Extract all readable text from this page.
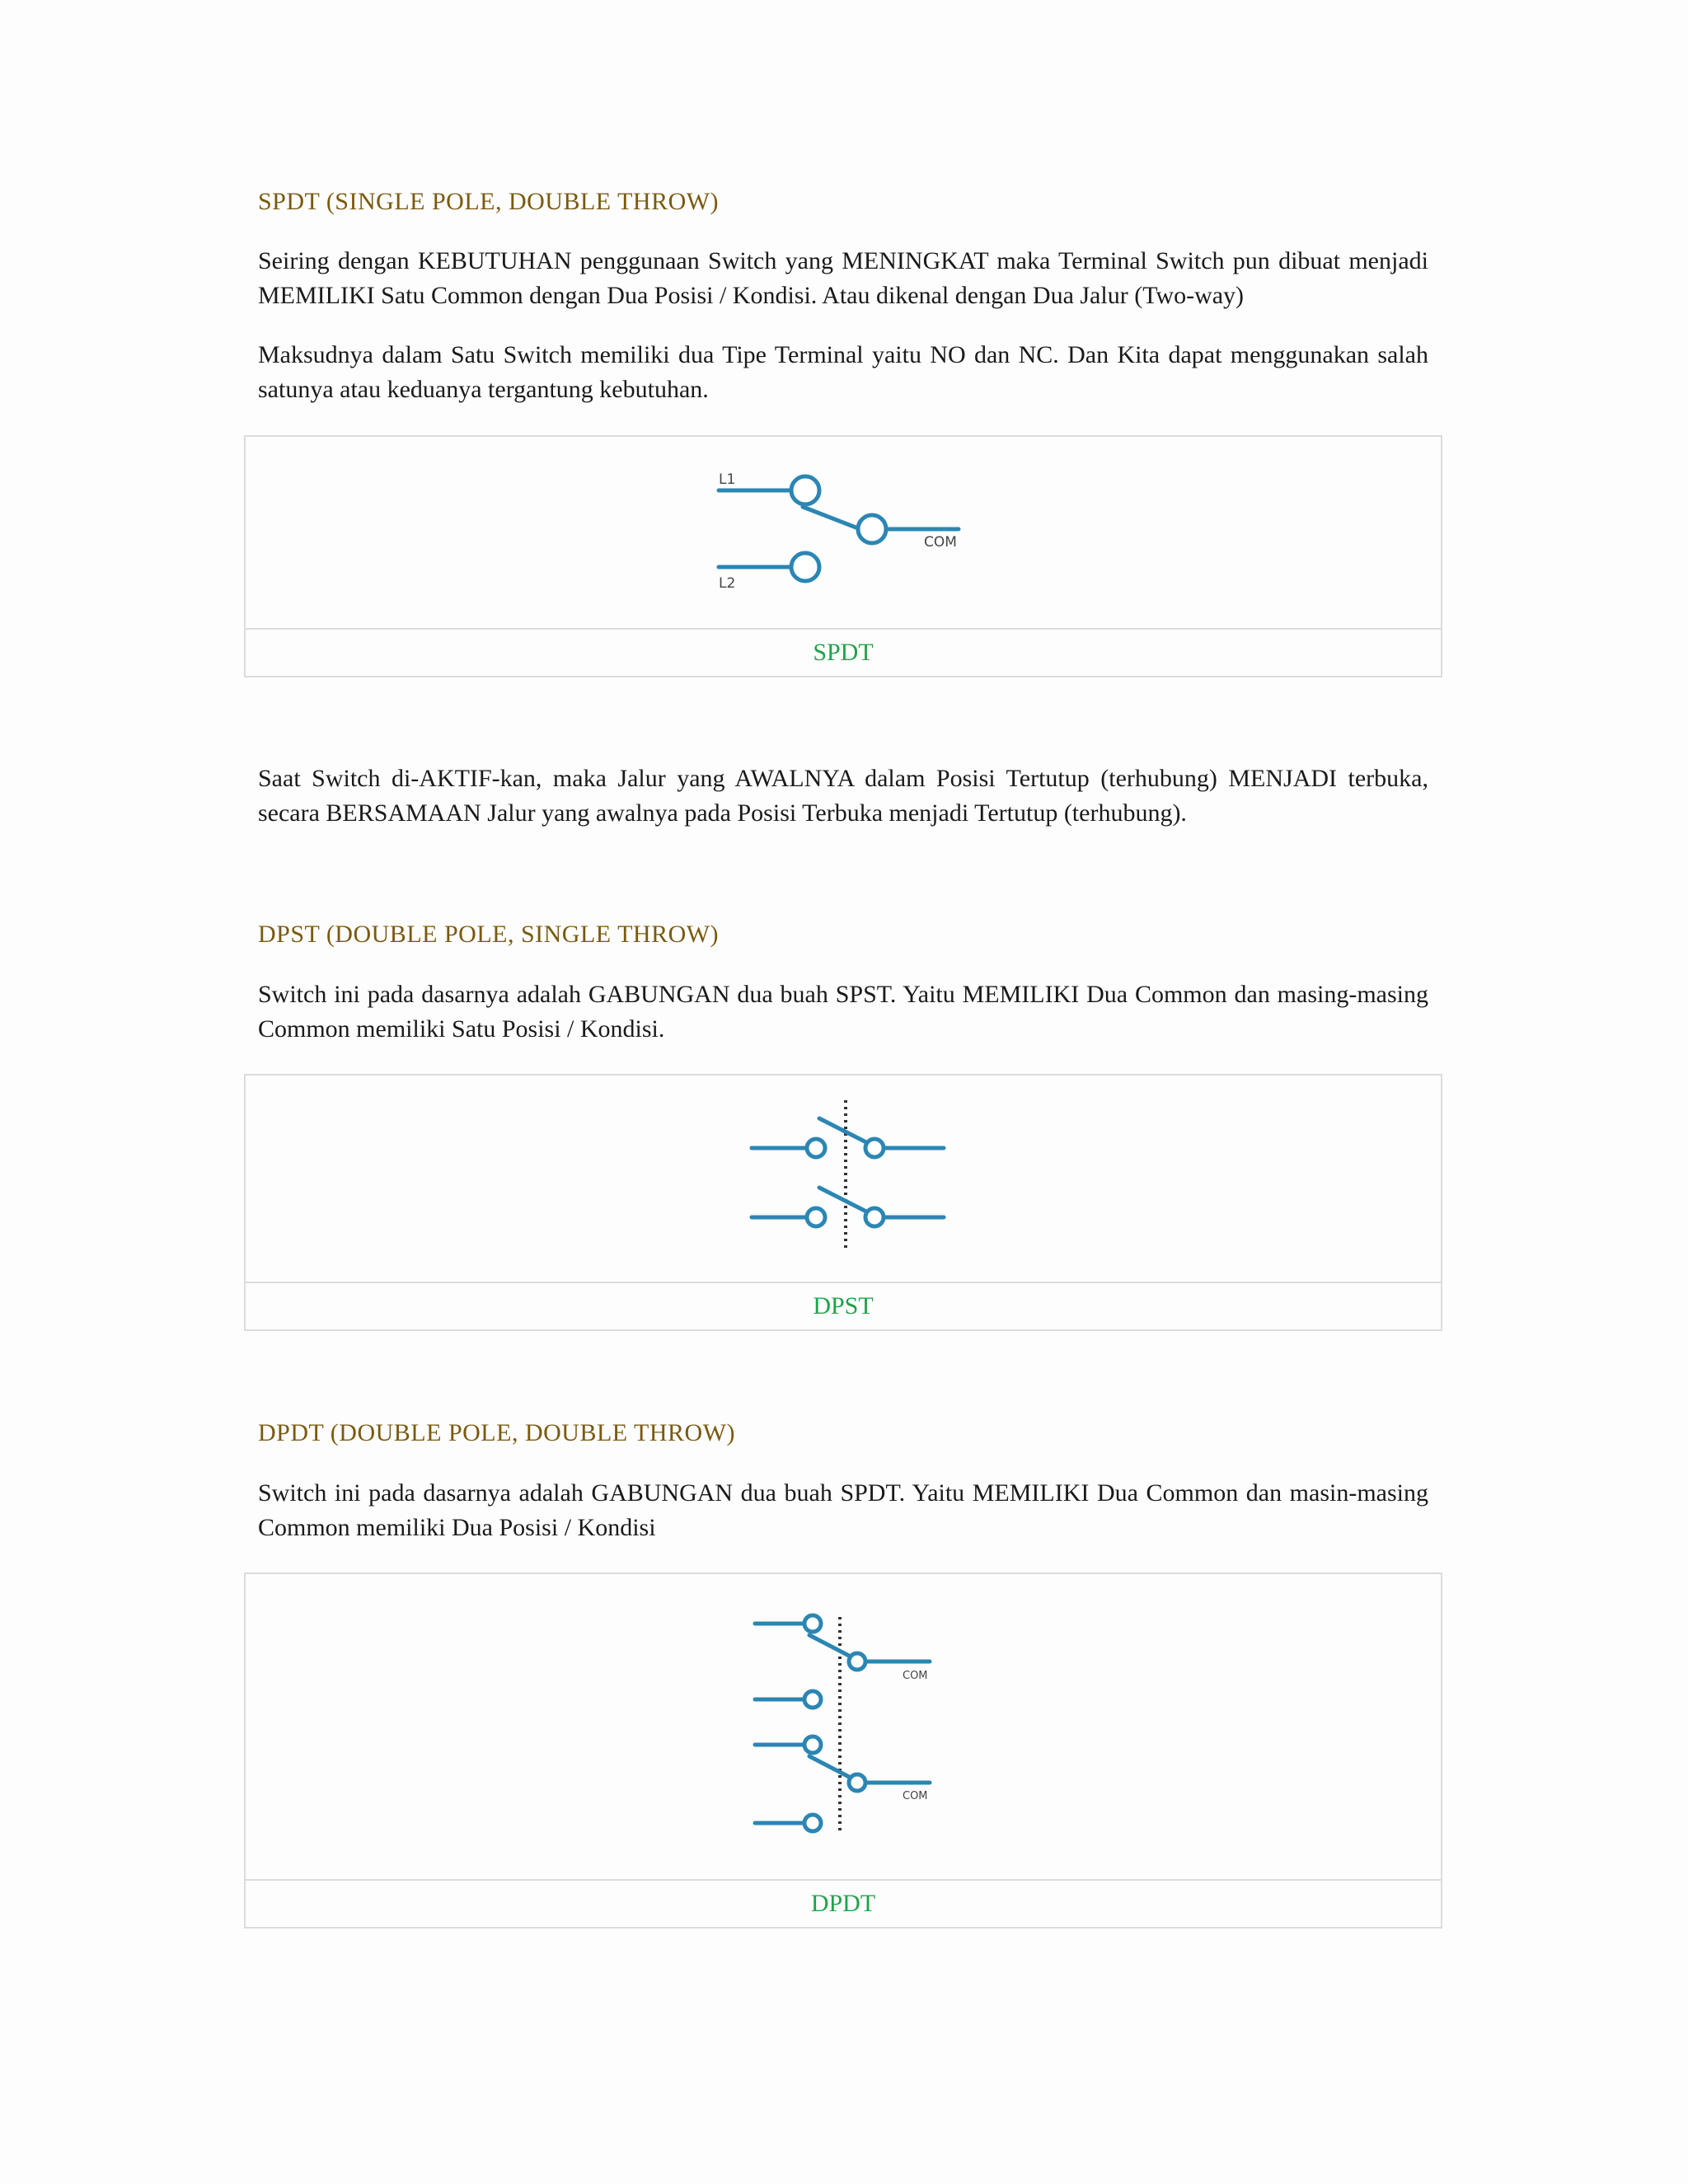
SPDT (SINGLE POLE, DOUBLE THROW)

Seiring dengan KEBUTUHAN penggunaan Switch yang MENINGKAT maka Terminal Switch pun dibuat menjadi MEMILIKI Satu Common dengan Dua Posisi / Kondisi. Atau dikenal dengan Dua Jalur (Two-way)

Maksudnya dalam Satu Switch memiliki dua Tipe Terminal yaitu NO dan NC. Dan Kita dapat menggunakan salah satunya atau keduanya tergantung kebutuhan.

L1
COM
L2
SPDT

Saat Switch di-AKTIF-kan, maka Jalur yang AWALNYA dalam Posisi Tertutup (terhubung) MENJADI terbuka, secara BERSAMAAN Jalur yang awalnya pada Posisi Terbuka menjadi Tertutup (terhubung).

DPST (DOUBLE POLE, SINGLE THROW)

Switch ini pada dasarnya adalah GABUNGAN dua buah SPST. Yaitu MEMILIKI Dua Common dan masing-masing Common memiliki Satu Posisi / Kondisi.

DPST
DPDT (DOUBLE POLE, DOUBLE THROW)

Switch ini pada dasarnya adalah GABUNGAN dua buah SPDT. Yaitu MEMILIKI Dua Common dan masin-masing Common memiliki Dua Posisi / Kondisi

COM
COM
DPDT
